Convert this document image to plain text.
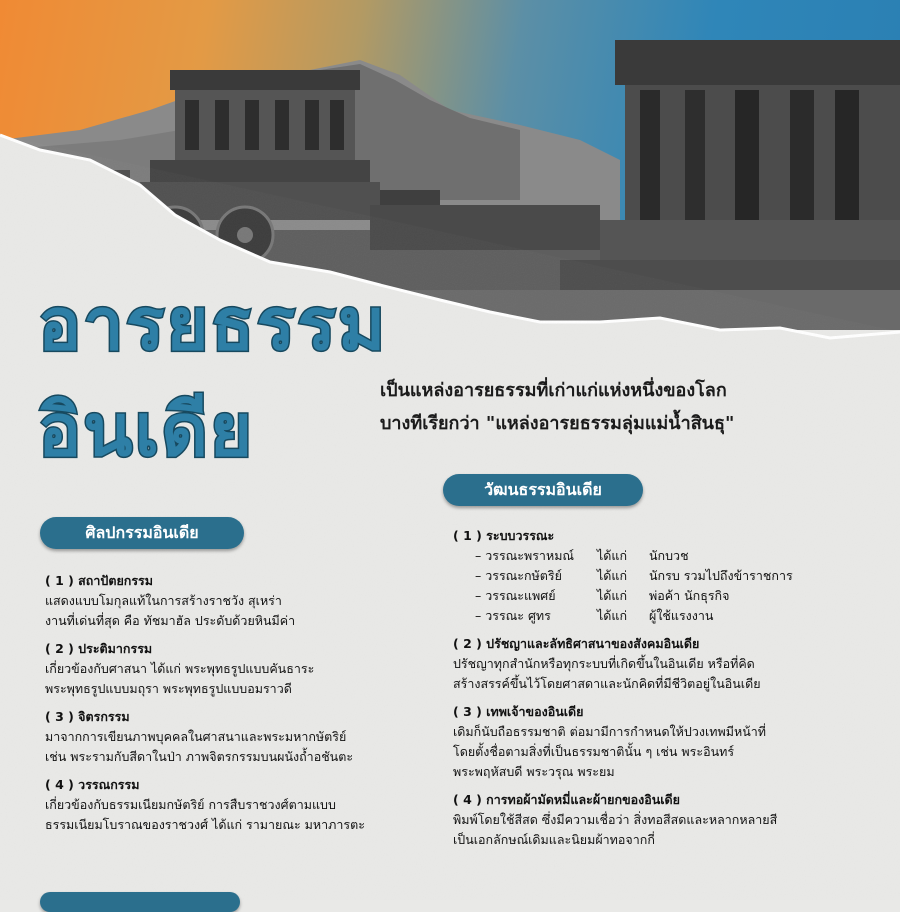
อารยธรรม
อินเดีย	เป็นแหล่งอารยธรรมที่เก่าแก่แห่งหนึ่งของโลก
บางทีเรียกว่า "แหล่งอารยธรรมลุ่มแม่น้ำสินธุ"
ศิลปกรรมอินเดีย
วัฒนธรรมอินเดีย
( 1 ) สถาปัตยกรรม
แสดงแบบโมกุลแท้ในการสร้างราชวัง สุเหร่า
งานที่เด่นที่สุด คือ ทัชมาฮัล ประดับด้วยหินมีค่า
( 2 ) ประติมากรรม
เกี่ยวข้องกับศาสนา ได้แก่ พระพุทธรูปแบบคันธาระ
พระพุทธรูปแบบมถุรา พระพุทธรูปแบบอมราวดี
( 3 ) จิตรกรรม
มาจากการเขียนภาพบุคคลในศาสนาและพระมหากษัตริย์
เช่น พระรามกับสีดาในป่า ภาพจิตรกรรมบนผนังถ้ำอชันตะ
( 4 ) วรรณกรรม
เกี่ยวข้องกับธรรมเนียมกษัตริย์ การสืบราชวงศ์ตามแบบ
ธรรมเนียมโบราณของราชวงศ์ ได้แก่ รามายณะ มหาภารตะ
( 1 ) ระบบวรรณะ
– วรรณะพราหมณ์	ได้แก่	นักบวช
– วรรณะกษัตริย์	ได้แก่	นักรบ รวมไปถึงข้าราชการ
– วรรณะแพศย์	ได้แก่	พ่อค้า นักธุรกิจ
– วรรณะ ศูทร	ได้แก่	ผู้ใช้แรงงาน
( 2 ) ปรัชญาและลัทธิศาสนาของสังคมอินเดีย
ปรัชญาทุกสำนักหรือทุกระบบที่เกิดขึ้นในอินเดีย หรือที่คิด
สร้างสรรค์ขึ้นไว้โดยศาสดาและนักคิดที่มีชีวิตอยู่ในอินเดีย
( 3 ) เทพเจ้าของอินเดีย
เดิมก็นับถือธรรมชาติ ต่อมามีการกำหนดให้ปวงเทพมีหน้าที่
โดยตั้งชื่อตามสิ่งที่เป็นธรรมชาตินั้น ๆ เช่น พระอินทร์
พระพฤหัสบดี พระวรุณ พระยม
( 4 ) การทอผ้ามัดหมี่และผ้ายกของอินเดีย
พิมพ์โดยใช้สีสด ซึ่งมีความเชื่อว่า สิ่งทอสีสดและหลากหลายสี
เป็นเอกลักษณ์เดิมและนิยมผ้าทอจากกี่
